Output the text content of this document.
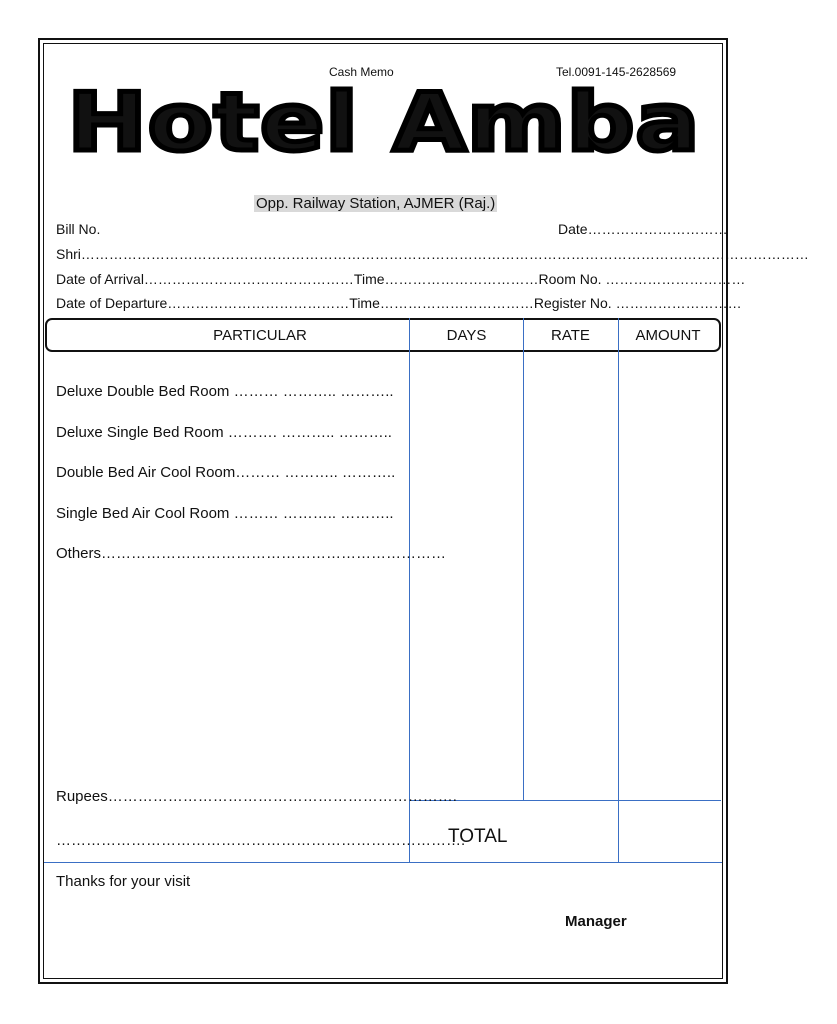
Cash Memo	Tel.0091-145-2628569
Hotel Amba
Opp. Railway Station, AJMER (Raj.)
Bill No.	Date…………………………
Shri…………………………………………………………………………………………………………………………………………
Date of Arrival………………………………………Time……………………………Room No. …………………………
Date of Departure…………………………………Time……………………………Register No. ………………………
PARTICULAR	DAYS	RATE	AMOUNT
Deluxe Double Bed Room ……… ……….. ………..
Deluxe Single Bed Room ………. ……….. ………..
Double Bed Air Cool Room……… ……….. ………..
Single Bed Air Cool Room ……… ……….. ………..
Others……………………………………………………………
Rupees…………………………………………………………….
……………………………………………………………………….
TOTAL
Thanks for your visit
Manager
